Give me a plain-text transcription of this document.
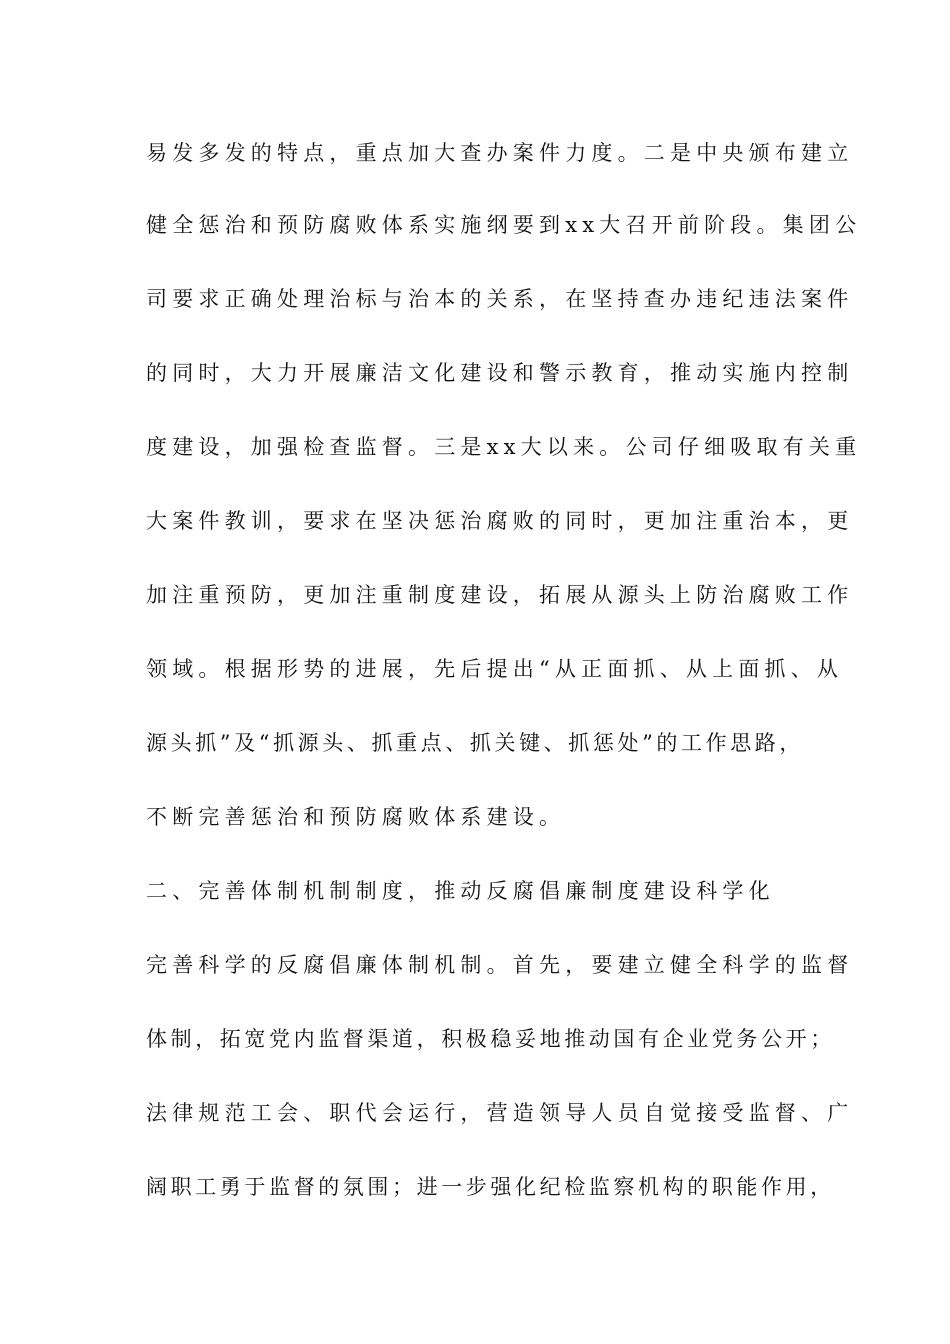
易发多发的特点，重点加大查办案件力度。二是中央颁布建立
健全惩治和预防腐败体系实施纲要到xx大召开前阶段。集团公
司要求正确处理治标与治本的关系，在坚持查办违纪违法案件
的同时，大力开展廉洁文化建设和警示教育，推动实施内控制
度建设，加强检查监督。三是xx大以来。公司仔细吸取有关重
大案件教训，要求在坚决惩治腐败的同时，更加注重治本，更
加注重预防，更加注重制度建设，拓展从源头上防治腐败工作
领域。根据形势的进展，先后提出“从正面抓、从上面抓、从
源头抓”及“抓源头、抓重点、抓关键、抓惩处”的工作思路，
不断完善惩治和预防腐败体系建设。
二、完善体制机制制度，推动反腐倡廉制度建设科学化
完善科学的反腐倡廉体制机制。首先，要建立健全科学的监督
体制，拓宽党内监督渠道，积极稳妥地推动国有企业党务公开；
法律规范工会、职代会运行，营造领导人员自觉接受监督、广
阔职工勇于监督的氛围；进一步强化纪检监察机构的职能作用，
